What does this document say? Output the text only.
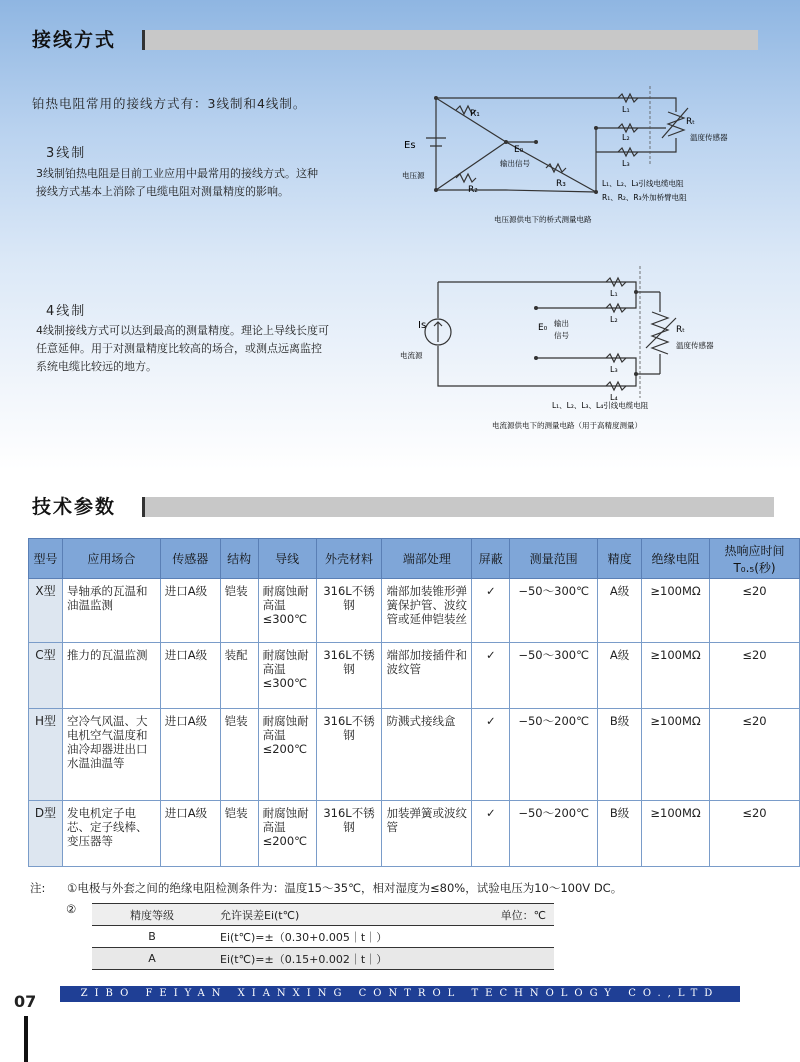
接线方式
铂热电阻常用的接线方式有：3线制和4线制。
3线制
3线制铂热电阻是目前工业应用中最常用的接线方式。这种
接线方式基本上消除了电缆电阻对测量精度的影响。
4线制
4线制接线方式可以达到最高的测量精度。理论上导线长度可
任意延伸。用于对测量精度比较高的场合，或测点远离监控
系统电缆比较远的地方。
R₁
R₂
R₃
Rₜ
Es	E₀
输出信号
L₁
L₂
L₃
电压源
温度传感器
L₁、L₂、L₃引线电缆电阻
R₁、R₂、R₃外加桥臂电阻
电压源供电下的桥式测量电路
Is
电流源
E₀ 输出
信号
L₁
L₂
L₃
L₄
Rₜ
温度传感器
L₁、L₂、L₃、L₄引线电缆电阻
电流源供电下的测量电路（用于高精度测量）
技术参数
型号	应用场合	传感器	结构	导线	外壳材料	端部处理	屏蔽	测量范围	精度	绝缘电阻	热响应时间 T₀.₅(秒)
X型	导轴承的瓦温和油温监测	进口A级	铠装	耐腐蚀耐高温≤300℃	316L不锈钢	端部加装锥形弹簧保护管、波纹管或延伸铠装丝	✓	−50～300℃	A级	≥100MΩ	≤20
C型	推力的瓦温监测	进口A级	装配	耐腐蚀耐高温≤300℃	316L不锈钢	端部加接插件和波纹管	✓	−50～300℃	A级	≥100MΩ	≤20
H型	空冷气风温、大电机空气温度和油冷却器进出口水温油温等	进口A级	铠装	耐腐蚀耐高温≤200℃	316L不锈钢	防溅式接线盒	✓	−50～200℃	B级	≥100MΩ	≤20
D型	发电机定子电芯、定子线棒、变压器等	进口A级	铠装	耐腐蚀耐高温≤200℃	316L不锈钢	加装弹簧或波纹管	✓	−50～200℃	B级	≥100MΩ	≤20
注: ①电极与外套之间的绝缘电阻检测条件为：温度15～35℃，相对湿度为≤80%，试验电压为10～100V DC。
②	精度等级	允许误差Ei(t℃)	单位：℃
B	Ei(t℃)=±（0.30+0.005｜t｜）	
A	Ei(t℃)=±（0.15+0.002｜t｜）	
ZIBO FEIYAN XIANXING CONTROL TECHNOLOGY CO.,LTD
07
